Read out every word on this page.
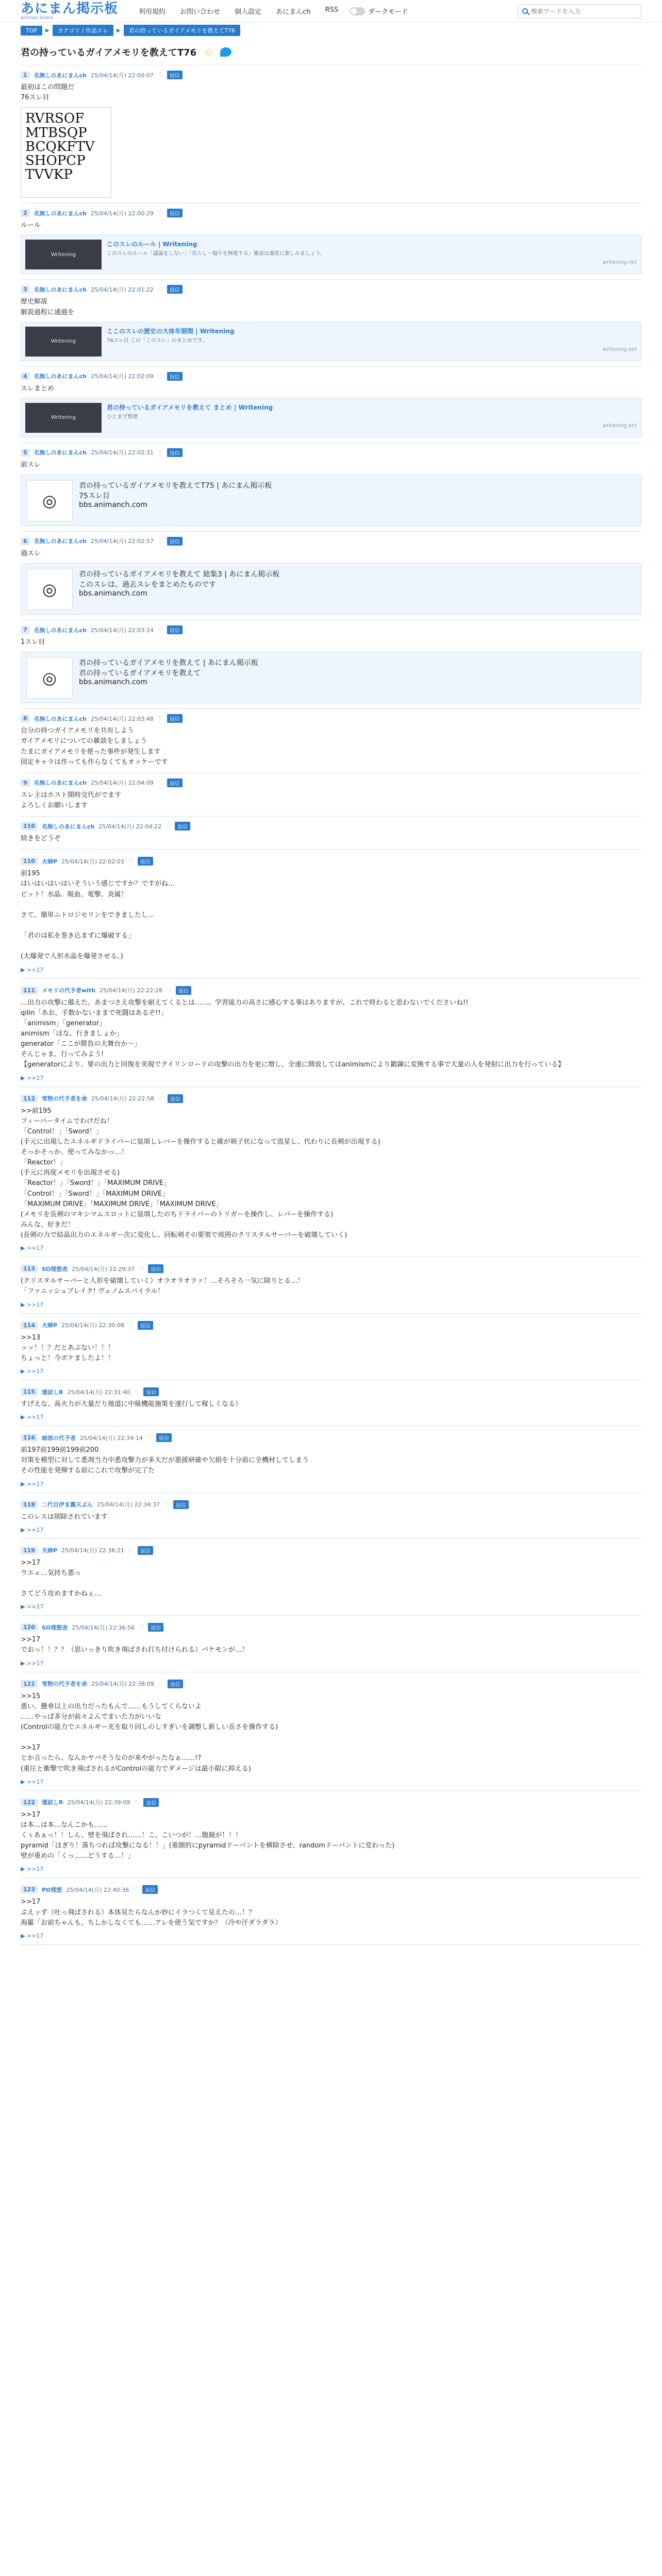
あにまん掲示板
animan board
利用規約 お問い合わせ 個人設定 あにまんch RSS	ダークモード
検索ワードを入力
TOP	▶	カテゴリ / 作品スレ	▶	君の持っているガイアメモリを教えてT76
君の持っているガイアメモリを教えてT76 ☆
1	名無しのあにまんch 25/04/14(月) 22:00:07 ♡	返信
最初はこの問題だ
76スレ目
RVRSOF MTBSQP BCQKFTV SHOPCP TVVKP
2	名無しのあにまんch 25/04/14(月) 22:00:29 ♡	返信
ルール
Writening
このスレのルール | Writening
このスレのルール「議論をしない」「荒らし・煽りを無視する」雑談は適度に楽しみましょう。
writening.net
3	名無しのあにまんch 25/04/14(月) 22:01:22 ♡	返信
歴史解説
解説過程に通過を
Writening
ここのスレの歴史の大体年期間 | Writening
76スレ目 この「このスレ」のまとめです。
writening.net
4	名無しのあにまんch 25/04/14(月) 22:02:09 ♡	返信
スレまとめ
Writening
君の持っているガイアメモリを教えて まとめ | Writening
ひとまず整理
writening.net
5	名無しのあにまんch 25/04/14(月) 22:02:31 ♡	返信
前スレ
◎
君の持っているガイアメモリを教えてT75 | あにまん掲示板
75スレ目
bbs.animanch.com
6	名無しのあにまんch 25/04/14(月) 22:02:57 ♡	返信
過スレ
◎
君の持っているガイアメモリを教えて 総集3 | あにまん掲示板
このスレは、過去スレをまとめたものです
bbs.animanch.com
7	名無しのあにまんch 25/04/14(月) 22:03:14 ♡	返信
1スレ目
◎
君の持っているガイアメモリを教えて | あにまん掲示板
君の持っているガイアメモリを教えて
bbs.animanch.com
8	名無しのあにまんch 25/04/14(月) 22:03:48 ♡	返信
自分の持つガイアメモリを共有しよう
ガイアメモリについての雑談をしましょう
たまにガイアメモリを使った事件が発生します
固定キャラは作っても作らなくてもオッケーです
9	名無しのあにまんch 25/04/14(月) 22:04:09 ♡	返信
スレ主はホスト開時交代がでます
よろしくお願いします
110	名無しのあにまんch 25/04/14(月) 22:04:22 ♡	返信
続きをどうぞ
110	夫婦P 25/04/14(月) 22:02:03 ♡	返信
前195
はいはいはいはいそういう感じですか？ですがね…
ピット！水晶、吸血、電撃、炎属！

さて、簡単ニトロジセリンをできましたし…

「君のは私を巻き込まずに爆破する」

(大爆発で人形水晶を爆発させる。)
▶ >>17
111	メモリの代予者with 25/04/14(月) 22:22:28 ♡	返信
…出力の攻撃に備えた。あまつさえ攻撃を耐えてくるとは……。学習能力の高さに感心する事はありますが、これで終わると思わないでくださいね!!
qilin「あお、手数かないままで死闘はあるぞ!!」
「animism」「generator」
animism「ほな、行きましょか」
generator「ここが勝負の大舞台か～」
そんじゃま、行ってみよう!
【generatorにより、要の出力と回復を実現でクイリンロードの攻撃の出力を更に増し、全速に開放してはanimismにより鍛錬に変換する事で大量の人を発射に出力を行っている】
▶ >>17
112	雪物の代予者を命 25/04/14(月) 22:22:58 ♡	返信
>>前195
フィーバータイムでわけだね！
「Control！」「Sword！」
(手元に出現したエネルギドライバーに装填しレバーを操作すると確が剣子状になって流星し、代わりに長剣が出現する)
そっかそっか、使ってみなかっ…！
「Reactor！」
(手元に再度メモリを出現させる)
「Reactor！」「Sword！」「MAXIMUM DRIVE」
「Control！」「Sword！」「MAXIMUM DRIVE」
「MAXIMUM DRIVE」「MAXIMUM DRIVE」「MAXIMUM DRIVE」
(メモリを長剣のマキシマムスロットに装填したのちドライバーのトリガーを操作し、レバーを操作する)
みんな、好きだ！
(長剣の力で結晶出力のエネルギー次に変化し、回転剣その要領で周囲のクリスタルサーバーを破壊していく)
▶ >>17
113	SO理想表 25/04/14(月) 22:29:37 ♡	返信
(クリスタルサーバーと人形を破壊していく）オラオラオラァ！…そろそろ一気に除りとる…！
「ファニッシュブレイク! ヴェノムスパイラル！
▶ >>17
114	夫婦P 25/04/14(月) 22:30:08 ♡	返信
>>13
ッッ！！？だとあぶない！！！
ちょっと！今ボケましたよ！！
▶ >>17
115	運試しR 25/04/14(月) 22:31:40 ♡	返信
すげえな、高火力が大量だり地道に中級機能施策を遂行して稼しくなる）
▶ >>17
116	暗部の代予者 25/04/14(月) 22:34:14 ♡	返信
前197前199前199前200
対策を模型に対して悉剤当力中悉攻撃力が多大だが悪援研確や欠損を十分前に全機材してしまう
その性能を発揮する前にこれで攻撃が完了た
▶ >>17
118	二代目伊ま露天ぶん 25/04/14(月) 22:34:37 ♡	返信
このレスは削除されています
▶ >>17
119	夫婦P 25/04/14(月) 22:36:21 ♡	返信
>>17
ウエェ…気持ち悪っ

さてどう攻めますかねぇ…
▶ >>17
120	SO理想表 25/04/14(月) 22:36:56 ♡	返信
>>17
でおっ！！？？（思いっきり吹き飛ばされ打ち付けられる）バケモンが…！
▶ >>17
121	雪物の代予者を命 25/04/14(月) 22:38:09 ♡	返信
>>15
悪い、懸垂以上の出力だったもんで……もうしてくらないよ
……やっぱ多分が前々よんでまいた力がいいな
(Controlの能力でエネルギー光を取り回しのしすぎいを調整し新しい長さを操作する)

>>17
とか言ったら、なんかヤバそうなのが来やがったなぁ……!?
(重圧と衝撃で吹き飛ばされるがControlの能力でダメージは最小限に抑える)
▶ >>17
122	運試しR 25/04/14(月) 22:39:09 ♡	返信
>>17
は本…は本…なんこかも……
くぅあぁっ！！しん、壁を飛ばされ……！こ、こいつが！…腹鏡が！！！
pyramid「ほぎり！落ちつれば攻撃になる！！」(重圏的にpyramidドーパントを横除させ、randomドーパントに変わった)
壁が重めの「くっ……どうする…！」
▶ >>17
123	PO理想 25/04/14(月) 22:40:36 ♡	返信
>>17
ぷえッず（吐っ飛ばされる）本体見たらなんか妙にイラつくて見えたの…！？
海羅「お前ちゃんも、ちしかしなくても……アレを使う気ですか？（冷や汗ダラダラ）
▶ >>17
